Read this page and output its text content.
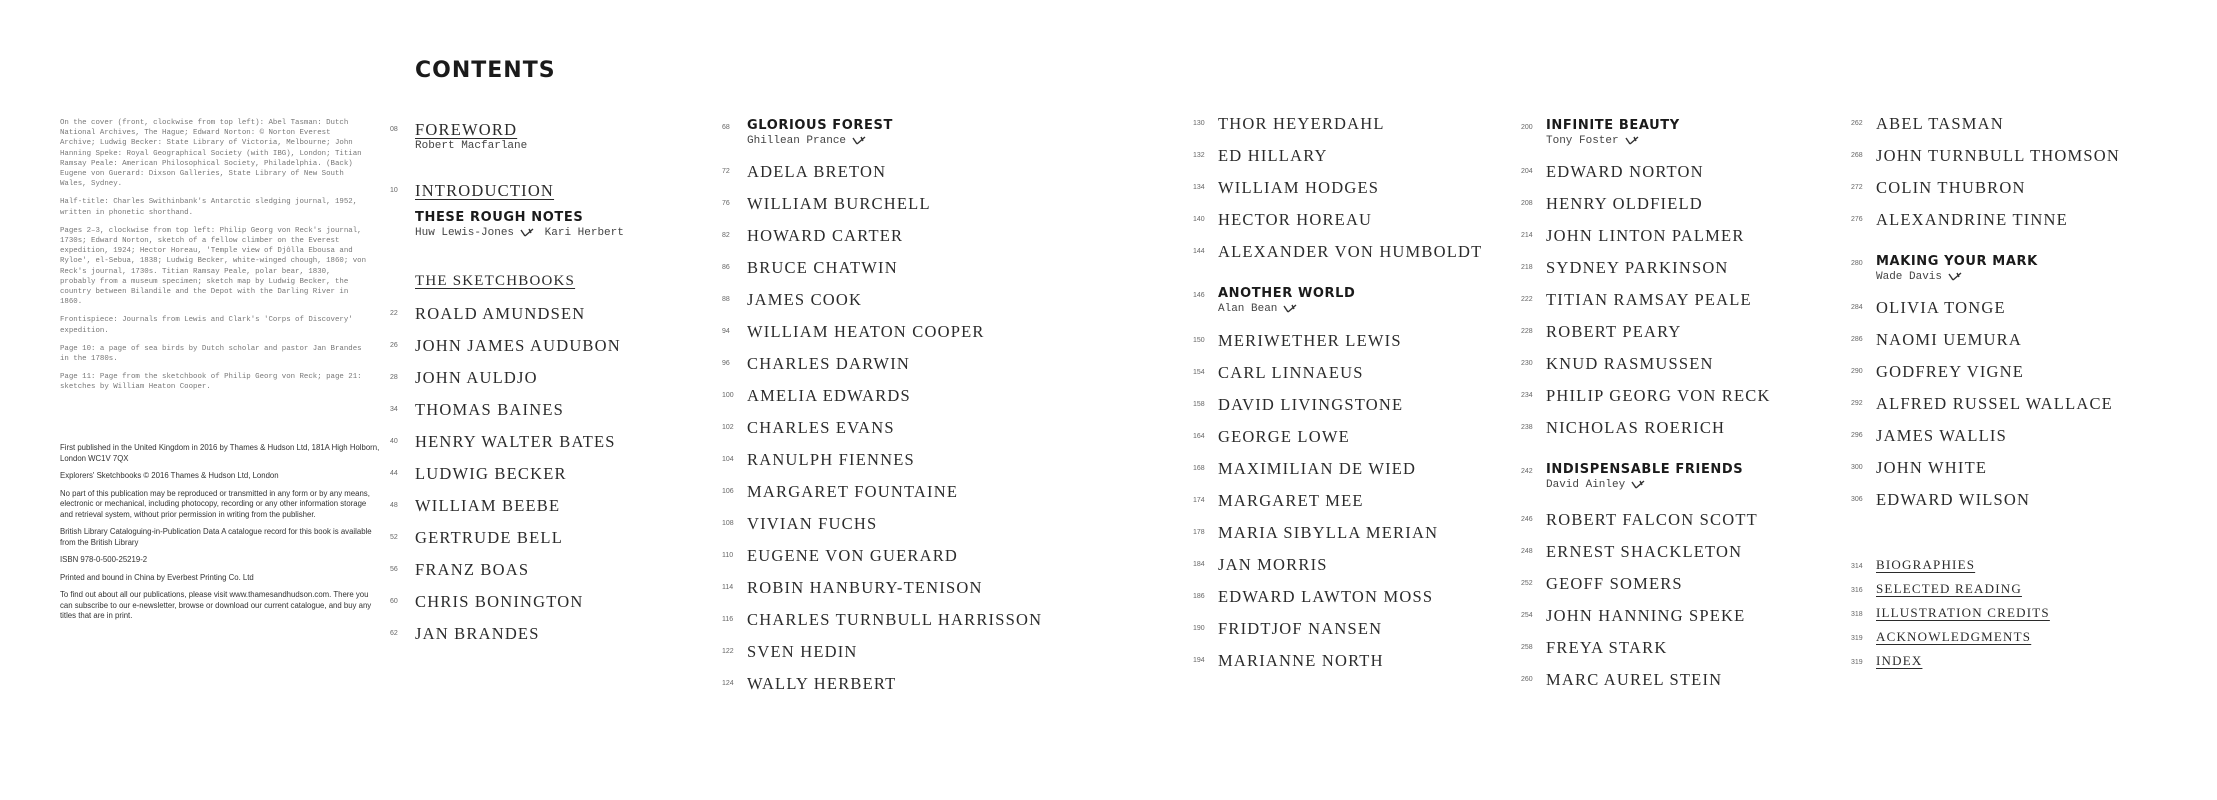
CONTENTS

On the cover (front, clockwise from top left): Abel Tasman: Dutch National Archives, The Hague; Edward Norton: © Norton Everest Archive; Ludwig Becker: State Library of Victoria, Melbourne; John Hanning Speke: Royal Geographical Society (with IBG), London; Titian Ramsay Peale: American Philosophical Society, Philadelphia. (Back) Eugene von Guerard: Dixson Galleries, State Library of New South Wales, Sydney.

Half-title: Charles Swithinbank's Antarctic sledging journal, 1952, written in phonetic shorthand.

Pages 2–3, clockwise from top left: Philip Georg von Reck's journal, 1730s; Edward Norton, sketch of a fellow climber on the Everest expedition, 1924; Hector Horeau, 'Temple view of Djôlla Ebousa and Ryloe', el-Sebua, 1838; Ludwig Becker, white-winged chough, 1860; von Reck's journal, 1730s. Titian Ramsay Peale, polar bear, 1830, probably from a museum specimen; sketch map by Ludwig Becker, the country between Bilandile and the Depot with the Darling River in 1860.

Frontispiece: Journals from Lewis and Clark's 'Corps of Discovery' expedition.

Page 10: a page of sea birds by Dutch scholar and pastor Jan Brandes in the 1780s.

Page 11: Page from the sketchbook of Philip Georg von Reck; page 21: sketches by William Heaton Cooper.

First published in the United Kingdom in 2016 by Thames & Hudson Ltd, 181A High Holborn, London WC1V 7QX

Explorers' Sketchbooks © 2016 Thames & Hudson Ltd, London

No part of this publication may be reproduced or transmitted in any form or by any means, electronic or mechanical, including photocopy, recording or any other information storage and retrieval system, without prior permission in writing from the publisher.

British Library Cataloguing-in-Publication Data A catalogue record for this book is available from the British Library

ISBN 978-0-500-25219-2

Printed and bound in China by Everbest Printing Co. Ltd

To find out about all our publications, please visit www.thamesandhudson.com. There you can subscribe to our e-newsletter, browse or download our current catalogue, and buy any titles that are in print.

08 FOREWORD
Robert Macfarlane
10 INTRODUCTION
THESE ROUGH NOTES
Huw Lewis-Jones	Kari Herbert
THE SKETCHBOOKS
22 ROALD AMUNDSEN
26 JOHN JAMES AUDUBON
28 JOHN AULDJO
34 THOMAS BAINES
40 HENRY WALTER BATES
44 LUDWIG BECKER
48 WILLIAM BEEBE
52 GERTRUDE BELL
56 FRANZ BOAS
60 CHRIS BONINGTON
62 JAN BRANDES
68 GLORIOUS FOREST
Ghillean Prance
72 ADELA BRETON
76 WILLIAM BURCHELL
82 HOWARD CARTER
86 BRUCE CHATWIN
88 JAMES COOK
94 WILLIAM HEATON COOPER
96 CHARLES DARWIN
100 AMELIA EDWARDS
102 CHARLES EVANS
104 RANULPH FIENNES
106 MARGARET FOUNTAINE
108 VIVIAN FUCHS
110 EUGENE VON GUERARD
114 ROBIN HANBURY-TENISON
116 CHARLES TURNBULL HARRISSON
122 SVEN HEDIN
124 WALLY HERBERT
130 THOR HEYERDAHL
132 ED HILLARY
134 WILLIAM HODGES
140 HECTOR HOREAU
144 ALEXANDER VON HUMBOLDT
146 ANOTHER WORLD
Alan Bean
150 MERIWETHER LEWIS
154 CARL LINNAEUS
158 DAVID LIVINGSTONE
164 GEORGE LOWE
168 MAXIMILIAN DE WIED
174 MARGARET MEE
178 MARIA SIBYLLA MERIAN
184 JAN MORRIS
186 EDWARD LAWTON MOSS
190 FRIDTJOF NANSEN
194 MARIANNE NORTH
200 INFINITE BEAUTY
Tony Foster
204 EDWARD NORTON
208 HENRY OLDFIELD
214 JOHN LINTON PALMER
218 SYDNEY PARKINSON
222 TITIAN RAMSAY PEALE
228 ROBERT PEARY
230 KNUD RASMUSSEN
234 PHILIP GEORG VON RECK
238 NICHOLAS ROERICH
242 INDISPENSABLE FRIENDS
David Ainley
246 ROBERT FALCON SCOTT
248 ERNEST SHACKLETON
252 GEOFF SOMERS
254 JOHN HANNING SPEKE
258 FREYA STARK
260 MARC AUREL STEIN
262 ABEL TASMAN
268 JOHN TURNBULL THOMSON
272 COLIN THUBRON
276 ALEXANDRINE TINNE
280 MAKING YOUR MARK
Wade Davis
284 OLIVIA TONGE
286 NAOMI UEMURA
290 GODFREY VIGNE
292 ALFRED RUSSEL WALLACE
296 JAMES WALLIS
300 JOHN WHITE
306 EDWARD WILSON
314 BIOGRAPHIES
316 SELECTED READING
318 ILLUSTRATION CREDITS
319 ACKNOWLEDGMENTS
319 INDEX
